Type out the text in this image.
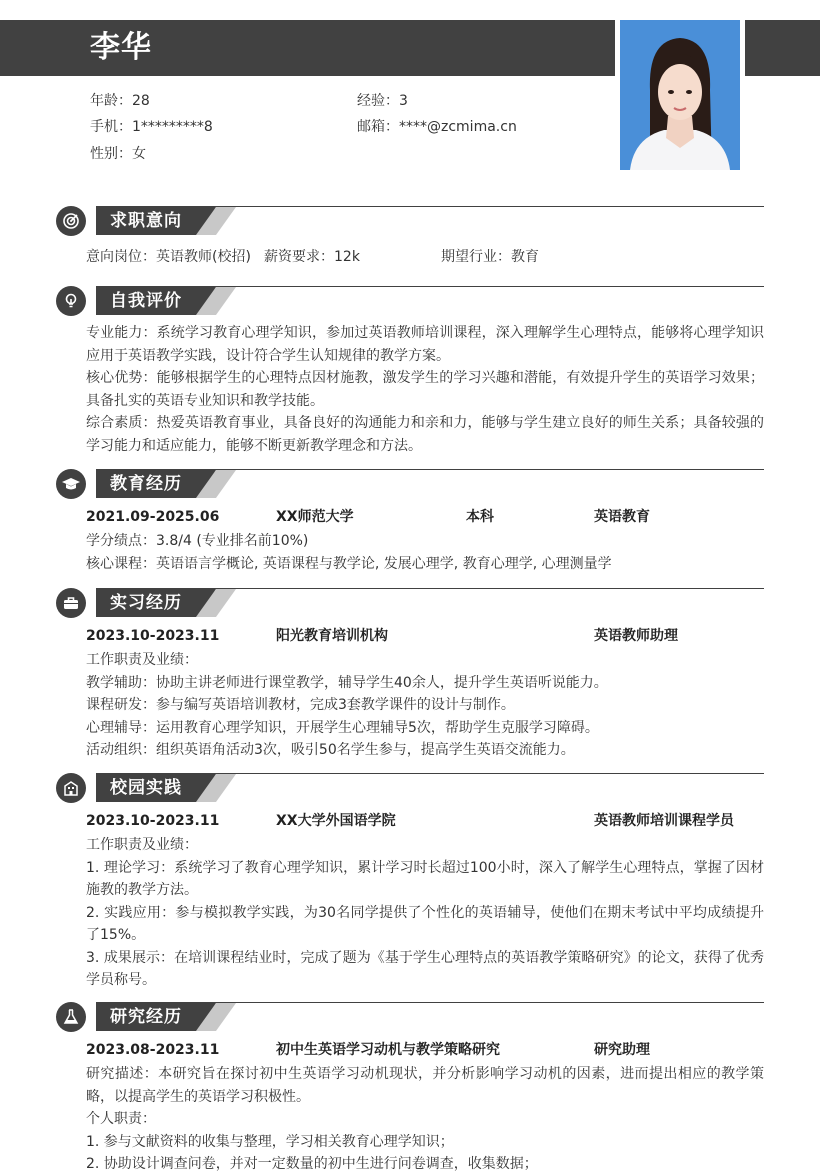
李华
年龄：28	经验：3
手机：1*********8	邮箱：****@zcmima.cn
性别：女
求职意向
意向岗位：英语教师(校招) 薪资要求：12k	期望行业：教育
自我评价
专业能力：系统学习教育心理学知识，参加过英语教师培训课程，深入理解学生心理特点，能够将心理学知识应用于英语教学实践，设计符合学生认知规律的教学方案。
核心优势：能够根据学生的心理特点因材施教，激发学生的学习兴趣和潜能，有效提升学生的英语学习效果；具备扎实的英语专业知识和教学技能。
综合素质：热爱英语教育事业，具备良好的沟通能力和亲和力，能够与学生建立良好的师生关系；具备较强的学习能力和适应能力，能够不断更新教学理念和方法。
教育经历
2021.09-2025.06	XX师范大学	本科	英语教育
学分绩点：3.8/4 (专业排名前10%)
核心课程：英语语言学概论, 英语课程与教学论, 发展心理学, 教育心理学, 心理测量学
实习经历
2023.10-2023.11	阳光教育培训机构	英语教师助理
工作职责及业绩：
教学辅助：协助主讲老师进行课堂教学，辅导学生40余人，提升学生英语听说能力。
课程研发：参与编写英语培训教材，完成3套教学课件的设计与制作。
心理辅导：运用教育心理学知识，开展学生心理辅导5次，帮助学生克服学习障碍。
活动组织：组织英语角活动3次，吸引50名学生参与，提高学生英语交流能力。
校园实践
2023.10-2023.11	XX大学外国语学院	英语教师培训课程学员
工作职责及业绩：
1. 理论学习：系统学习了教育心理学知识，累计学习时长超过100小时，深入了解学生心理特点，掌握了因材施教的教学方法。
2. 实践应用：参与模拟教学实践，为30名同学提供了个性化的英语辅导，使他们在期末考试中平均成绩提升了15%。
3. 成果展示：在培训课程结业时，完成了题为《基于学生心理特点的英语教学策略研究》的论文，获得了优秀学员称号。
研究经历
2023.08-2023.11	初中生英语学习动机与教学策略研究	研究助理
研究描述：本研究旨在探讨初中生英语学习动机现状，并分析影响学习动机的因素，进而提出相应的教学策略，以提高学生的英语学习积极性。
个人职责：
1. 参与文献资料的收集与整理，学习相关教育心理学知识；
2. 协助设计调查问卷，并对一定数量的初中生进行问卷调查，收集数据；
